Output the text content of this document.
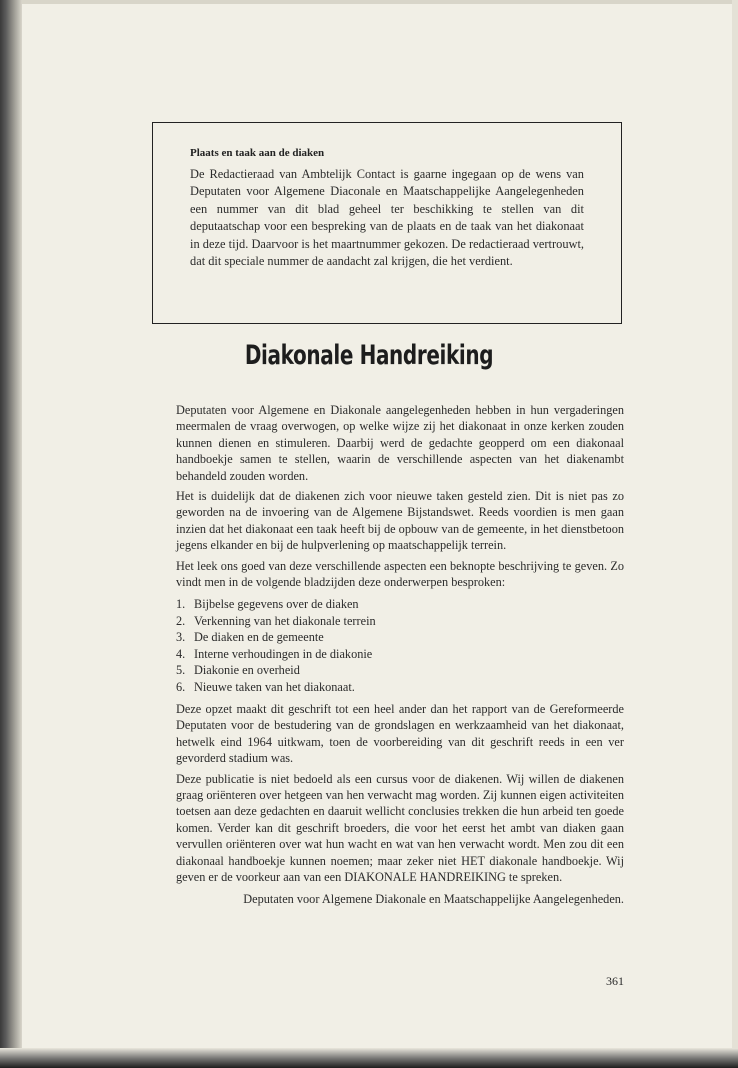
Plaats en taak aan de diaken
De Redactieraad van Ambtelijk Contact is gaarne ingegaan op de wens van Deputaten voor Algemene Diaconale en Maatschappelijke Aangelegenheden een nummer van dit blad geheel ter beschikking te stellen van dit deputaatschap voor een bespreking van de plaats en de taak van het diakonaat in deze tijd. Daarvoor is het maartnummer gekozen. De redactieraad vertrouwt, dat dit speciale nummer de aandacht zal krijgen, die het verdient.
Diakonale Handreiking

Deputaten voor Algemene en Diakonale aangelegenheden hebben in hun vergaderingen meermalen de vraag overwogen, op welke wijze zij het diakonaat in onze kerken zouden kunnen dienen en stimuleren. Daarbij werd de gedachte geopperd om een diakonaal handboekje samen te stellen, waarin de verschillende aspecten van het diakenambt behandeld zouden worden.

Het is duidelijk dat de diakenen zich voor nieuwe taken gesteld zien. Dit is niet pas zo geworden na de invoering van de Algemene Bijstandswet. Reeds voordien is men gaan inzien dat het diakonaat een taak heeft bij de opbouw van de gemeente, in het dienstbetoon jegens elkander en bij de hulpverlening op maatschappelijk terrein.

Het leek ons goed van deze verschillende aspecten een beknopte beschrijving te geven. Zo vindt men in de volgende bladzijden deze onderwerpen besproken:

1. Bijbelse gegevens over de diaken
2. Verkenning van het diakonale terrein
3. De diaken en de gemeente
4. Interne verhoudingen in de diakonie
5. Diakonie en overheid
6. Nieuwe taken van het diakonaat.

Deze opzet maakt dit geschrift tot een heel ander dan het rapport van de Gereformeerde Deputaten voor de bestudering van de grondslagen en werkzaamheid van het diakonaat, hetwelk eind 1964 uitkwam, toen de voorbereiding van dit geschrift reeds in een ver gevorderd stadium was.

Deze publicatie is niet bedoeld als een cursus voor de diakenen. Wij willen de diakenen graag oriënteren over hetgeen van hen verwacht mag worden. Zij kunnen eigen activiteiten toetsen aan deze gedachten en daaruit wellicht conclusies trekken die hun arbeid ten goede komen. Verder kan dit geschrift broeders, die voor het eerst het ambt van diaken gaan vervullen oriënteren over wat hun wacht en wat van hen verwacht wordt. Men zou dit een diakonaal handboekje kunnen noemen; maar zeker niet HET diakonale handboekje. Wij geven er de voorkeur aan van een DIAKONALE HANDREIKING te spreken.

Deputaten voor Algemene Diakonale en Maatschappelijke Aangelegenheden.

361
